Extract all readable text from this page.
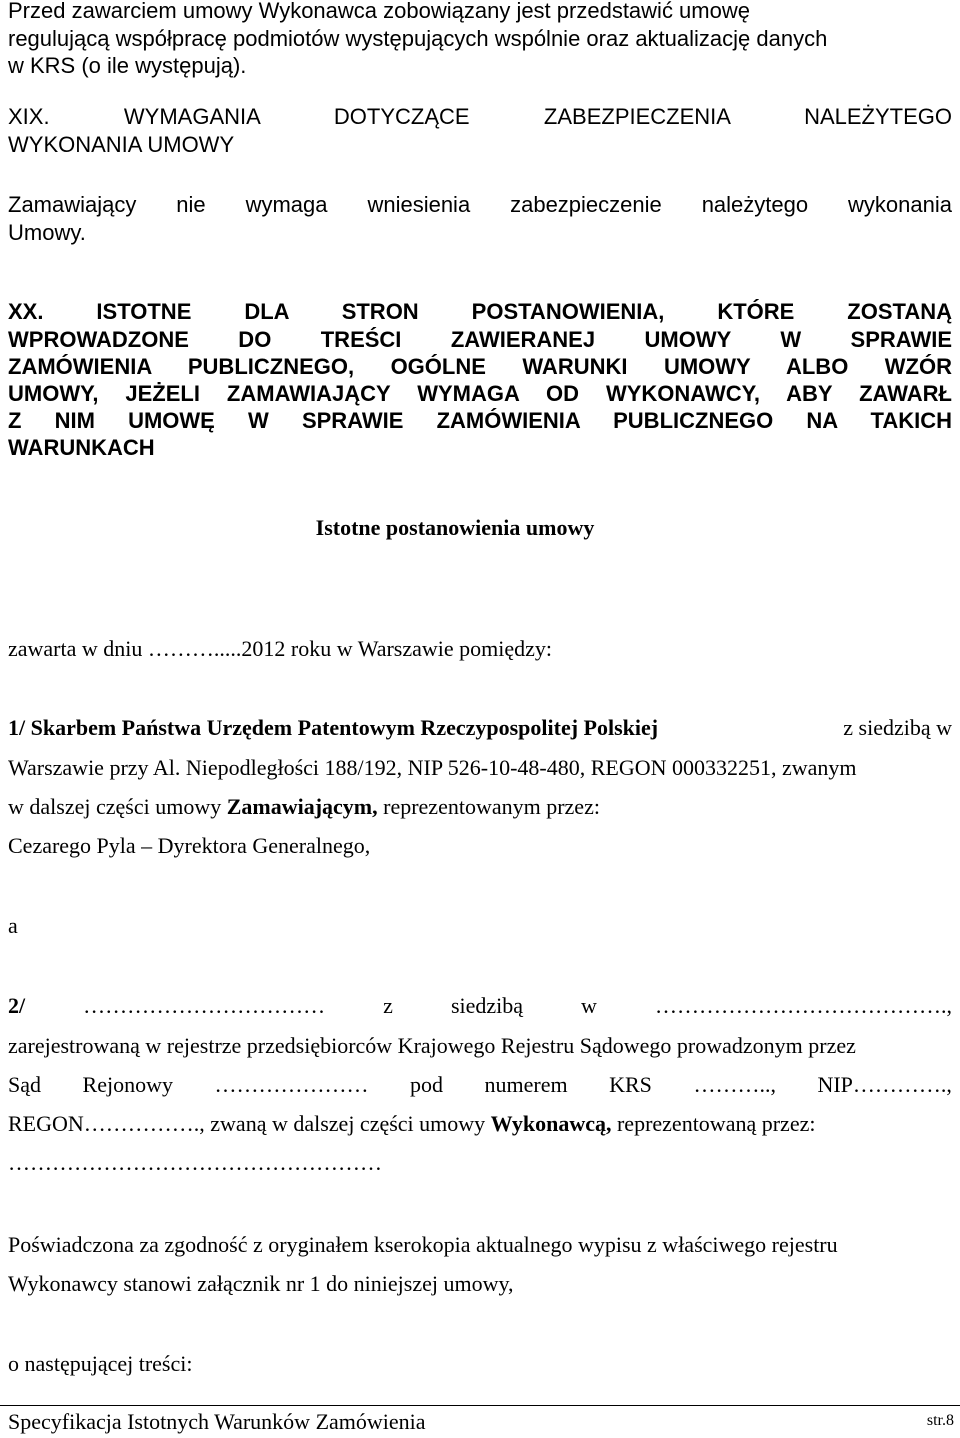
Przed zawarciem umowy Wykonawca zobowiązany jest przedstawić umowę
regulującą współpracę podmiotów występujących wspólnie oraz aktualizację danych
w KRS (o ile występują).
XIX. WYMAGANIA DOTYCZĄCE ZABEZPIECZENIA NALEŻYTEGO
WYKONANIA UMOWY
Zamawiający nie wymaga wniesienia zabezpieczenie należytego wykonania
Umowy.
XX. ISTOTNE DLA STRON POSTANOWIENIA, KTÓRE ZOSTANĄ
WPROWADZONE DO TREŚCI ZAWIERANEJ UMOWY W SPRAWIE
ZAMÓWIENIA PUBLICZNEGO, OGÓLNE WARUNKI UMOWY ALBO WZÓR
UMOWY, JEŻELI ZAMAWIAJĄCY WYMAGA OD WYKONAWCY, ABY ZAWARŁ
Z NIM UMOWĘ W SPRAWIE ZAMÓWIENIA PUBLICZNEGO NA TAKICH
WARUNKACH
Istotne postanowienia umowy
zawarta w dniu ……….....2012 roku w Warszawie pomiędzy:
1/ Skarbem Państwa Urzędem Patentowym Rzeczypospolitej Polskiej	z siedzibą w
Warszawie przy Al. Niepodległości 188/192, NIP 526-10-48-480, REGON 000332251, zwanym
w dalszej części umowy
Zamawiającym,
reprezentowanym przez:
Cezarego Pyla – Dyrektora Generalnego,
a
2/	……………………………	z	siedzibą	w	………………………………….,
zarejestrowaną w rejestrze przedsiębiorców Krajowego Rejestru Sądowego prowadzonym przez
Sąd Rejonowy ………………… pod numerem KRS ……….., NIP………….,
REGON……………., zwaną w dalszej części umowy
Wykonawcą,
reprezentowaną przez:
……………………………………………
Poświadczona za zgodność z oryginałem kserokopia aktualnego wypisu z właściwego rejestru
Wykonawcy stanowi załącznik nr 1 do niniejszej umowy,
o następującej treści:
Specyfikacja Istotnych Warunków Zamówienia	str.8
